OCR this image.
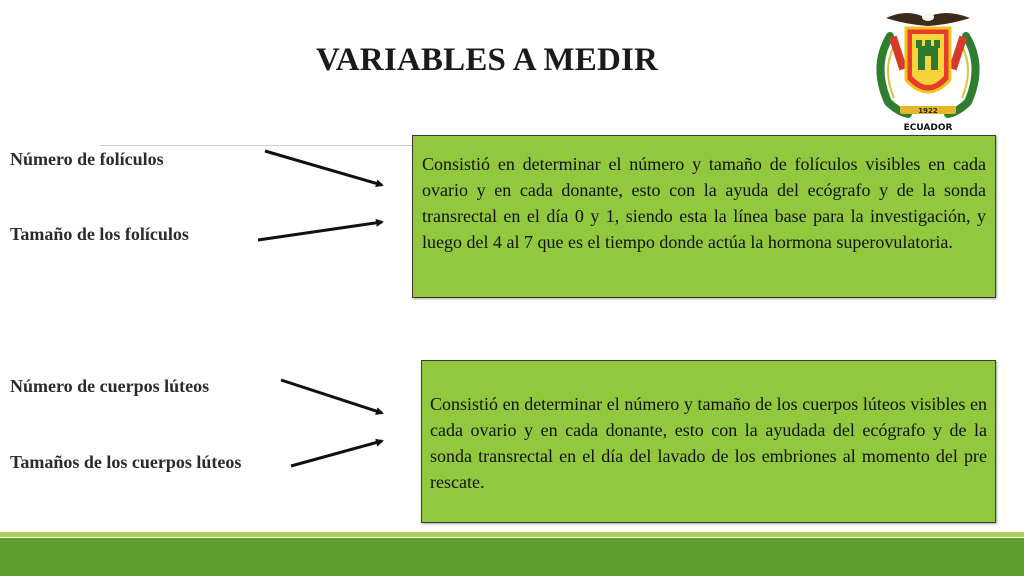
VARIABLES A MEDIR
Número de folículos
Tamaño de los folículos
Número de cuerpos lúteos
Tamaños de los cuerpos lúteos
Consistió en determinar el número y tamaño de folículos visibles en cada ovario y en cada donante, esto con la ayuda del ecógrafo y de la sonda transrectal en el día 0 y 1, siendo esta la línea base para la investigación, y luego del 4 al 7 que es el tiempo donde actúa la hormona superovulatoria.
Consistió en determinar el número y tamaño de los cuerpos lúteos visibles en cada ovario y en cada donante, esto con la ayudada del ecógrafo y de la sonda transrectal en el día del lavado de los embriones al momento del pre rescate.
1922
ECUADOR
